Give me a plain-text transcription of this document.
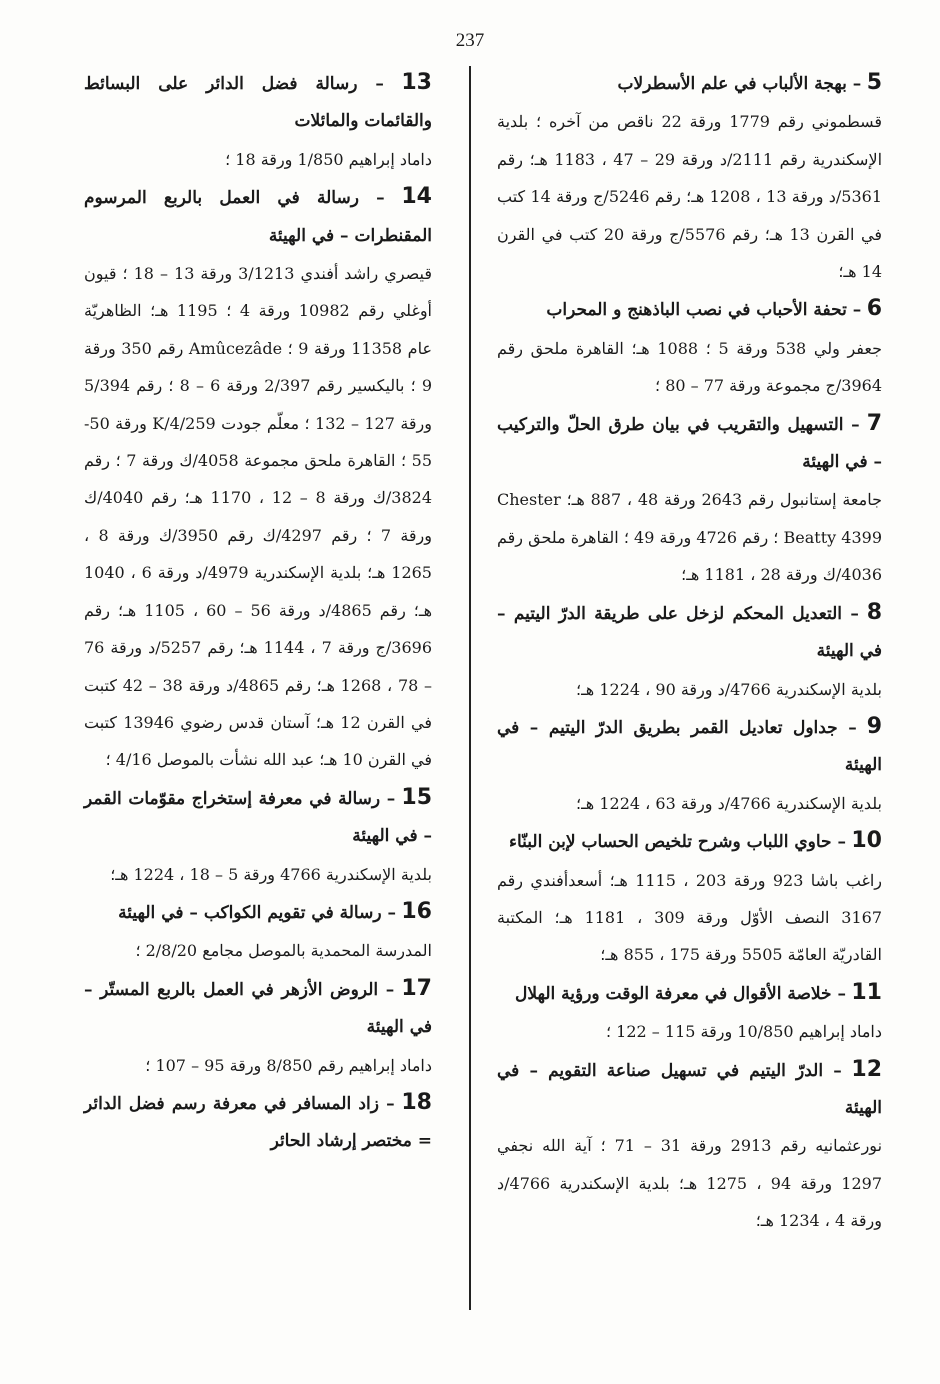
237

5 – بهجة الألباب في علم الأسطرلاب

قسطموني رقم 1779 ورقة 22 ناقص من آخره ؛ بلدية الإسكندرية رقم 2111/د ورقة 29 – 47 ، 1183 هـ؛ رقم 5361/د ورقة 13 ، 1208 هـ؛ رقم 5246/ج ورقة 14 كتب في القرن 13 هـ؛ رقم 5576/ج ورقة 20 كتب في القرن 14 هـ؛

6 – تحفة الأحباب في نصب الباذهنج و المحراب

جعفر ولي 538 ورقة 5 ؛ 1088 هـ؛ القاهرة ملحق رقم 3964/ج مجموعة ورقة 77 – 80 ؛

7 – التسهيل والتقريب في بيان طرق الحلّ والتركيب – في الهيئة

جامعة إستانبول رقم 2643 ورقة 48 ، 887 هـ؛ Chester Beatty 4399 ؛ رقم 4726 ورقة 49 ؛ القاهرة ملحق رقم 4036/ك ورقة 28 ، 1181 هـ؛

8 – التعديل المحكم لزخل على طريقة الدرّ اليتيم – في الهيئة

بلدية الإسكندرية 4766/د ورقة 90 ، 1224 هـ؛

9 – جداول تعاديل القمر بطريق الدرّ اليتيم – في الهيئة

بلدية الإسكندرية 4766/د ورقة 63 ، 1224 هـ؛

10 – حاوي اللباب وشرح تلخيص الحساب لإبن البنّاء

راغب باشا 923 ورقة 203 ، 1115 هـ؛ أسعدأفندي رقم 3167 النصف الأوّل ورقة 309 ، 1181 هـ؛ المكتبة القادريّة العامّة 5505 ورقة 175 ، 855 هـ؛

11 – خلاصة الأقوال في معرفة الوقت ورؤية الهلال

داماد إبراهيم 10/850 ورقة 115 – 122 ؛

12 – الدرّ اليتيم في تسهيل صناعة التقويم – في الهيئة

نورعثمانيه رقم 2913 ورقة 31 – 71 ؛ آية الله نجفي 1297 ورقة 94 ، 1275 هـ؛ بلدية الإسكندرية 4766/د ورقة 4 ، 1234 هـ؛

13 – رسالة فضل الدائر على البسائط والقائمات والمائلات

داماد إبراهيم 1/850 ورقة 18 ؛

14 – رسالة في العمل بالربع المرسوم المقنطرات – في الهيئة

قيصري راشد أفندي 3/1213 ورقة 13 – 18 ؛ قيون أوغلي رقم 10982 ورقة 4 ؛ 1195 هـ؛ الظاهريّة عام 11358 ورقة 9 ؛ Amûcezâde رقم 350 ورقة 9 ؛ باليكسير رقم 2/397 ورقة 6 – 8 ؛ رقم 5/394 ورقة 127 – 132 ؛ معلّم جودت 4/259/K ورقة 50-55 ؛ القاهرة ملحق مجموعة 4058/ك ورقة 7 ؛ رقم 3824/ك ورقة 8 – 12 ، 1170 هـ؛ رقم 4040/ك ورقة 7 ؛ رقم 4297/ك رقم 3950/ك ورقة 8 ، 1265 هـ؛ بلدية الإسكندرية 4979/د ورقة 6 ، 1040 هـ؛ رقم 4865/د ورقة 56 – 60 ، 1105 هـ؛ رقم 3696/ج ورقة 7 ، 1144 هـ؛ رقم 5257/د ورقة 76 – 78 ، 1268 هـ؛ رقم 4865/د ورقة 38 – 42 كتبت في القرن 12 هـ؛ آستان قدس رضوي 13946 كتبت في القرن 10 هـ؛ عبد الله نشأت بالموصل 4/16 ؛

15 – رسالة في معرفة إستخراج مقوّمات القمر – في الهيئة

بلدية الإسكندرية 4766 ورقة 5 – 18 ، 1224 هـ؛

16 – رسالة في تقويم الكواكب – في الهيئة

المدرسة المحمدية بالموصل مجامع 2/8/20 ؛

17 – الروض الأزهر في العمل بالربع المستّر – في الهيئة

داماد إبراهيم رقم 8/850 ورقة 95 – 107 ؛

18 – زاد المسافر في معرفة رسم فضل الدائر = مختصر إرشاد الحائر
